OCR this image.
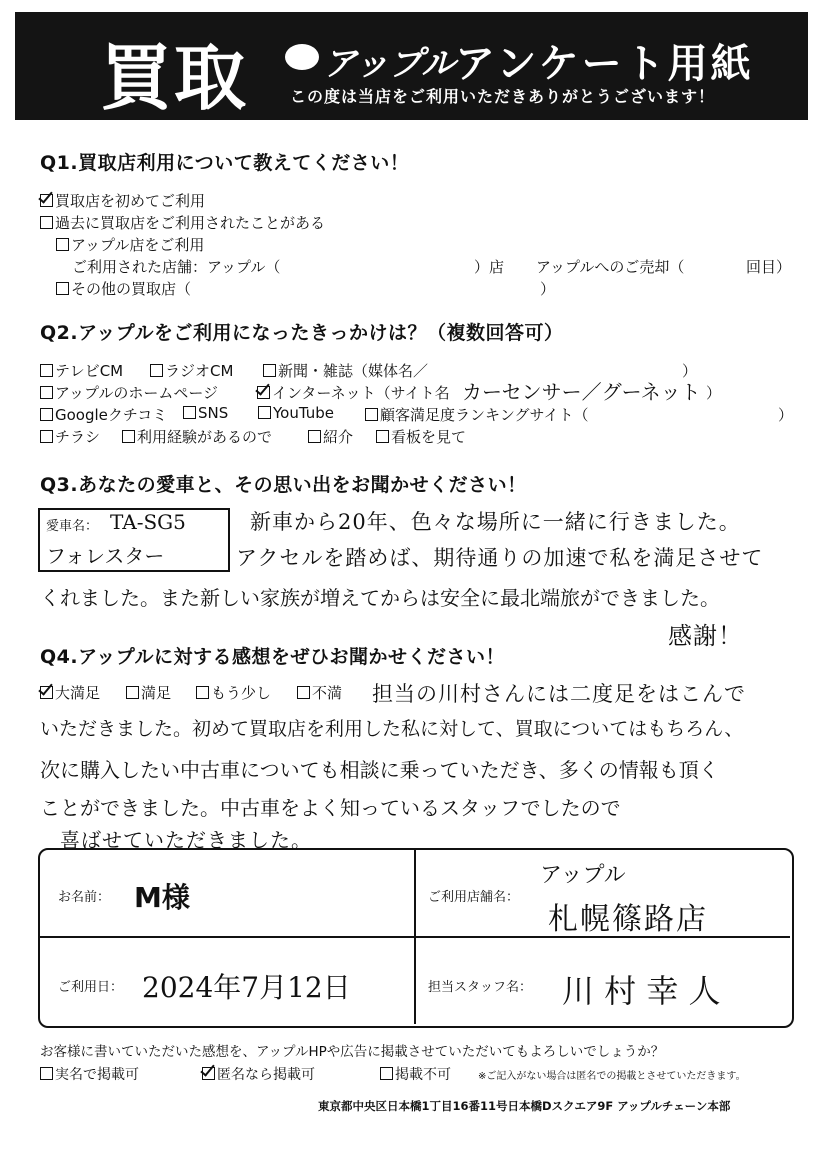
買取 アップル アンケート用紙
この度は当店をご利用いただきありがとうございます！
Q1.買取店利用について教えてください！
買取店を初めてご利用
過去に買取店をご利用されたことがある
アップル店をご利用
ご利用された店舗：アップル（	）店 アップルへのご売却（	回目）
その他の買取店（	）
Q2.アップルをご利用になったきっかけは？（複数回答可）
テレビCM	ラジオCM	新聞・雑誌（媒体名／	）
アップルのホームページ	インターネット（サイト名 カーセンサー／グーネット ）
Googleクチコミ	SNS	YouTube	顧客満足度ランキングサイト（	）
チラシ	利用経験があるので	紹介	看板を見て
Q3.あなたの愛車と、その思い出をお聞かせください！
愛車名： TA-SG5
フォレスター
新車から20年、色々な場所に一緒に行きました。
アクセルを踏めば、期待通りの加速で私を満足させて
くれました。また新しい家族が増えてからは安全に最北端旅ができました。
感謝！
Q4.アップルに対する感想をぜひお聞かせください！
大満足	満足	もう少し	不満 担当の川村さんには二度足をはこんで
いただきました。初めて買取店を利用した私に対して、買取についてはもちろん、
次に購入したい中古車についても相談に乗っていただき、多くの情報も頂く
ことができました。中古車をよく知っているスタッフでしたので
喜ばせていただきました。
お名前： M様	ご利用店舗名：
アップル
札幌篠路店
ご利用日： 2024年7月12日	担当スタッフ名： 川 村 幸 人
お客様に書いていただいた感想を、アップルHPや広告に掲載させていただいてもよろしいでしょうか？
実名で掲載可	匿名なら掲載可	掲載不可	※ご記入がない場合は匿名での掲載とさせていただきます。
東京都中央区日本橋1丁目16番11号日本橋Dスクエア9F アップルチェーン本部
